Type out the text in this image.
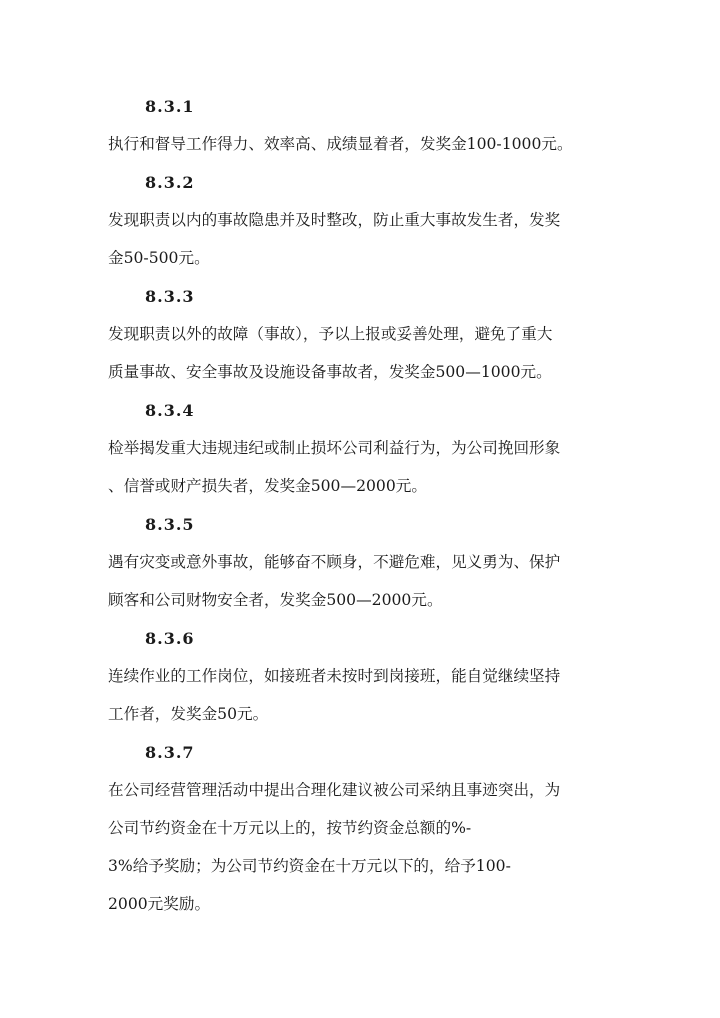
8.3.1
执行和督导工作得力、效率高、成绩显着者，发奖金100-1000元。
8.3.2
发现职责以内的事故隐患并及时整改，防止重大事故发生者，发奖
金50-500元。
8.3.3
发现职责以外的故障（事故），予以上报或妥善处理，避免了重大
质量事故、安全事故及设施设备事故者，发奖金500—1000元。
8.3.4
检举揭发重大违规违纪或制止损坏公司利益行为，为公司挽回形象
、信誉或财产损失者，发奖金500—2000元。
8.3.5
遇有灾变或意外事故，能够奋不顾身，不避危难，见义勇为、保护
顾客和公司财物安全者，发奖金500—2000元。
8.3.6
连续作业的工作岗位，如接班者未按时到岗接班，能自觉继续坚持
工作者，发奖金50元。
8.3.7
在公司经营管理活动中提出合理化建议被公司采纳且事迹突出，为
公司节约资金在十万元以上的，按节约资金总额的%-
3%给予奖励；为公司节约资金在十万元以下的，给予100-
2000元奖励。
